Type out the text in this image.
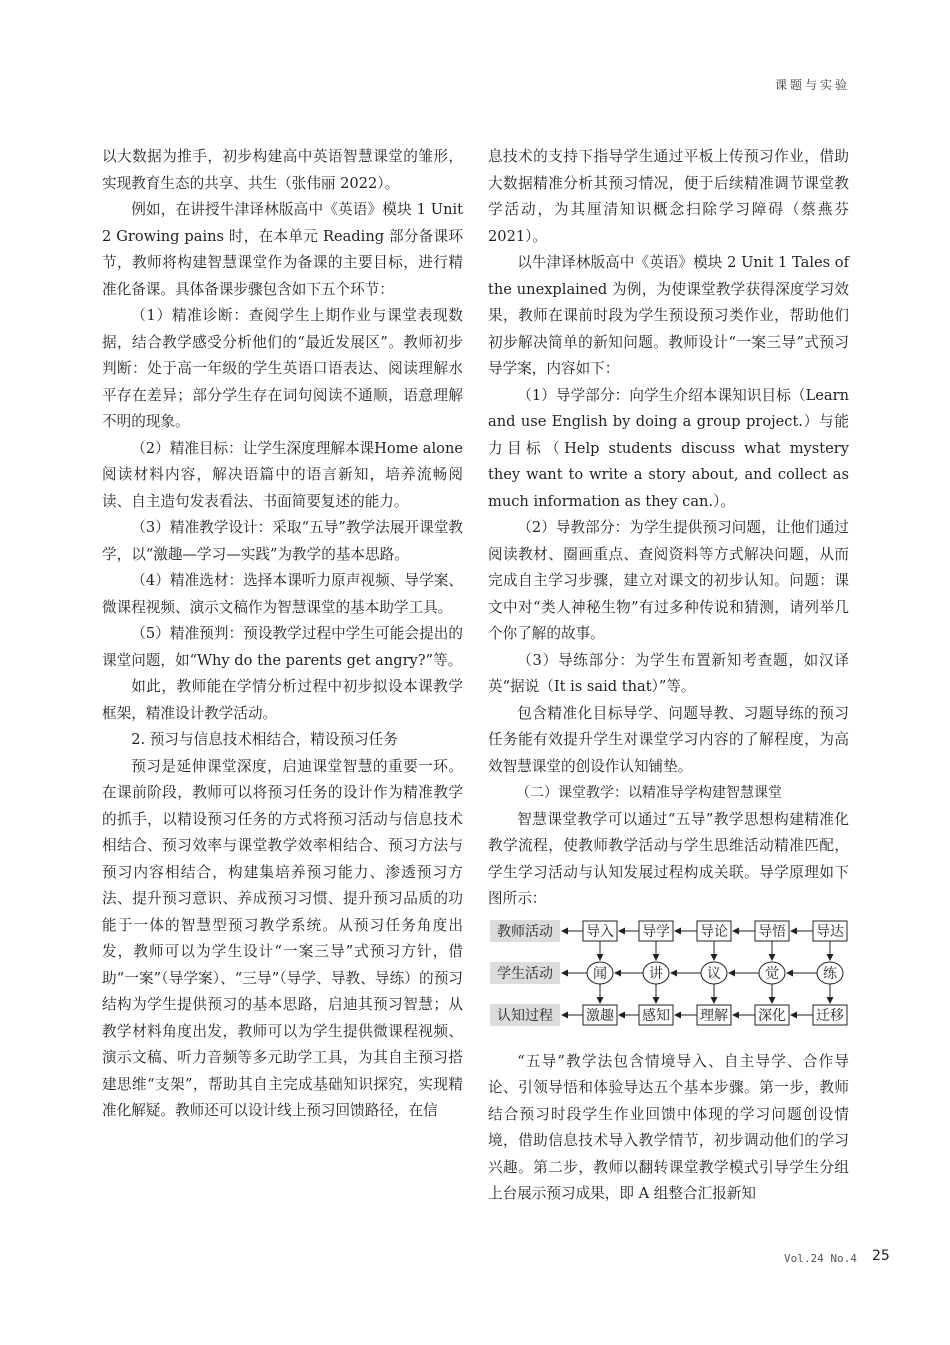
课题与实验

以大数据为推手，初步构建高中英语智慧课堂的雏形，实现教育生态的共享、共生（张伟丽 2022）。

例如，在讲授牛津译林版高中《英语》模块 1 Unit 2 Growing pains 时，在本单元 Reading 部分备课环节，教师将构建智慧课堂作为备课的主要目标，进行精准化备课。具体备课步骤包含如下五个环节：

（1）精准诊断：查阅学生上期作业与课堂表现数据，结合教学感受分析他们的“最近发展区”。教师初步判断：处于高一年级的学生英语口语表达、阅读理解水平存在差异；部分学生存在词句阅读不通顺，语意理解不明的现象。

（2）精准目标：让学生深度理解本课Home alone 阅读材料内容，解决语篇中的语言新知，培养流畅阅读、自主造句发表看法、书面简要复述的能力。

（3）精准教学设计：采取“五导”教学法展开课堂教学，以“激趣—学习—实践”为教学的基本思路。

（4）精准选材：选择本课听力原声视频、导学案、微课程视频、演示文稿作为智慧课堂的基本助学工具。

（5）精准预判：预设教学过程中学生可能会提出的课堂问题，如“Why do the parents get angry?”等。

如此，教师能在学情分析过程中初步拟设本课教学框架，精准设计教学活动。

2. 预习与信息技术相结合，精设预习任务

预习是延伸课堂深度，启迪课堂智慧的重要一环。在课前阶段，教师可以将预习任务的设计作为精准教学的抓手，以精设预习任务的方式将预习活动与信息技术相结合、预习效率与课堂教学效率相结合、预习方法与预习内容相结合，构建集培养预习能力、渗透预习方法、提升预习意识、养成预习习惯、提升预习品质的功能于一体的智慧型预习教学系统。从预习任务角度出发，教师可以为学生设计“一案三导”式预习方针，借助“一案”（导学案）、“三导”（导学、导教、导练）的预习结构为学生提供预习的基本思路，启迪其预习智慧；从教学材料角度出发，教师可以为学生提供微课程视频、演示文稿、听力音频等多元助学工具，为其自主预习搭建思维“支架”，帮助其自主完成基础知识探究，实现精准化解疑。教师还可以设计线上预习回馈路径，在信

息技术的支持下指导学生通过平板上传预习作业，借助大数据精准分析其预习情况，便于后续精准调节课堂教学活动，为其厘清知识概念扫除学习障碍（蔡燕芬 2021）。

以牛津译林版高中《英语》模块 2 Unit 1 Tales of the unexplained 为例，为使课堂教学获得深度学习效果，教师在课前时段为学生预设预习类作业，帮助他们初步解决简单的新知问题。教师设计“一案三导”式预习导学案，内容如下：

（1）导学部分：向学生介绍本课知识目标（Learn and use English by doing a group project.）与能力目标（Help students discuss what mystery they want to write a story about, and collect as much information as they can.）。

（2）导教部分：为学生提供预习问题，让他们通过阅读教材、圈画重点、查阅资料等方式解决问题，从而完成自主学习步骤，建立对课文的初步认知。问题：课文中对“类人神秘生物”有过多种传说和猜测，请列举几个你了解的故事。

（3）导练部分：为学生布置新知考查题，如汉译英“据说（It is said that）”等。

包含精准化目标导学、问题导教、习题导练的预习任务能有效提升学生对课堂学习内容的了解程度，为高效智慧课堂的创设作认知铺垫。

（二）课堂教学：以精准导学构建智慧课堂

智慧课堂教学可以通过“五导”教学思想构建精准化教学流程，使教师教学活动与学生思维活动精准匹配，学生学习活动与认知发展过程构成关联。导学原理如下图所示：

教师活动 导入 导学 导论 导悟 导达
学生活动	闻	讲	议	觉	练
认知过程 激趣 感知 理解 深化 迁移

“五导”教学法包含情境导入、自主导学、合作导论、引领导悟和体验导达五个基本步骤。第一步，教师结合预习时段学生作业回馈中体现的学习问题创设情境，借助信息技术导入教学情节，初步调动他们的学习兴趣。第二步，教师以翻转课堂教学模式引导学生分组上台展示预习成果，即 A 组整合汇报新知

Vol.24 No.4 25
